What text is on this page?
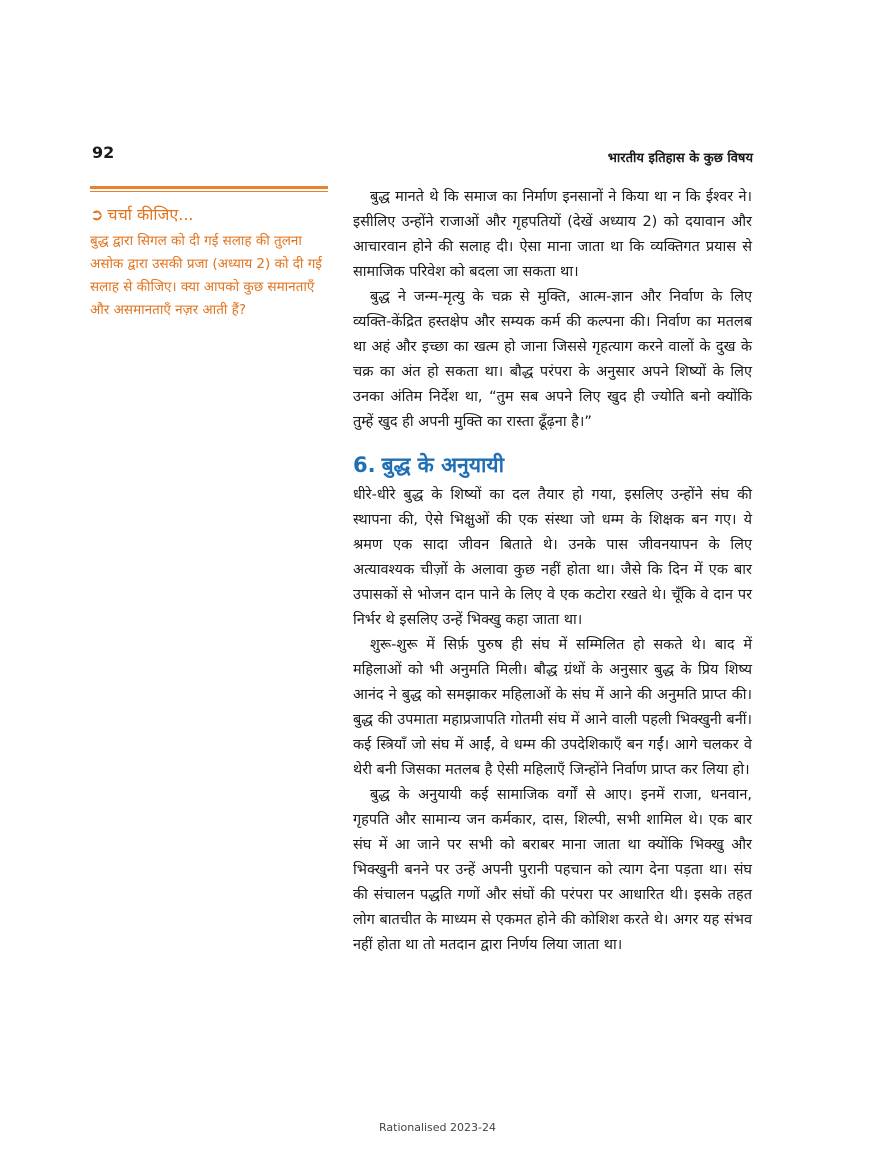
92	भारतीय इतिहास के कुछ विषय
➲ चर्चा कीजिए...
बुद्ध द्वारा सिगल को दी गई सलाह की तुलना असोक द्वारा उसकी प्रजा (अध्याय 2) को दी गई सलाह से कीजिए। क्या आपको कुछ समानताएँ और असमानताएँ नज़र आती हैं?

बुद्ध मानते थे कि समाज का निर्माण इनसानों ने किया था न कि ईश्वर ने। इसीलिए उन्होंने राजाओं और गृहपतियों (देखें अध्याय 2) को दयावान और आचारवान होने की सलाह दी। ऐसा माना जाता था कि व्यक्तिगत प्रयास से सामाजिक परिवेश को बदला जा सकता था।

बुद्ध ने जन्म-मृत्यु के चक्र से मुक्ति, आत्म-ज्ञान और निर्वाण के लिए व्यक्ति-केंद्रित हस्तक्षेप और सम्यक कर्म की कल्पना की। निर्वाण का मतलब था अहं और इच्छा का खत्म हो जाना जिससे गृहत्याग करने वालों के दुख के चक्र का अंत हो सकता था। बौद्ध परंपरा के अनुसार अपने शिष्यों के लिए उनका अंतिम निर्देश था, “तुम सब अपने लिए खुद ही ज्योति बनो क्योंकि तुम्हें खुद ही अपनी मुक्ति का रास्ता ढूँढ़ना है।”

6. बुद्ध के अनुयायी

धीरे-धीरे बुद्ध के शिष्यों का दल तैयार हो गया, इसलिए उन्होंने संघ की स्थापना की, ऐसे भिक्षुओं की एक संस्था जो धम्म के शिक्षक बन गए। ये श्रमण एक सादा जीवन बिताते थे। उनके पास जीवनयापन के लिए अत्यावश्यक चीज़ों के अलावा कुछ नहीं होता था। जैसे कि दिन में एक बार उपासकों से भोजन दान पाने के लिए वे एक कटोरा रखते थे। चूँकि वे दान पर निर्भर थे इसलिए उन्हें भिक्खु कहा जाता था।

शुरू-शुरू में सिर्फ़ पुरुष ही संघ में सम्मिलित हो सकते थे। बाद में महिलाओं को भी अनुमति मिली। बौद्ध ग्रंथों के अनुसार बुद्ध के प्रिय शिष्य आनंद ने बुद्ध को समझाकर महिलाओं के संघ में आने की अनुमति प्राप्त की। बुद्ध की उपमाता महाप्रजापति गोतमी संघ में आने वाली पहली भिक्खुनी बनीं। कई स्त्रियाँ जो संघ में आईं, वे धम्म की उपदेशिकाएँ बन गईं। आगे चलकर वे थेरी बनी जिसका मतलब है ऐसी महिलाएँ जिन्होंने निर्वाण प्राप्त कर लिया हो।

बुद्ध के अनुयायी कई सामाजिक वर्गों से आए। इनमें राजा, धनवान, गृहपति और सामान्य जन कर्मकार, दास, शिल्पी, सभी शामिल थे। एक बार संघ में आ जाने पर सभी को बराबर माना जाता था क्योंकि भिक्खु और भिक्खुनी बनने पर उन्हें अपनी पुरानी पहचान को त्याग देना पड़ता था। संघ की संचालन पद्धति गणों और संघों की परंपरा पर आधारित थी। इसके तहत लोग बातचीत के माध्यम से एकमत होने की कोशिश करते थे। अगर यह संभव नहीं होता था तो मतदान द्वारा निर्णय लिया जाता था।

Rationalised 2023-24
